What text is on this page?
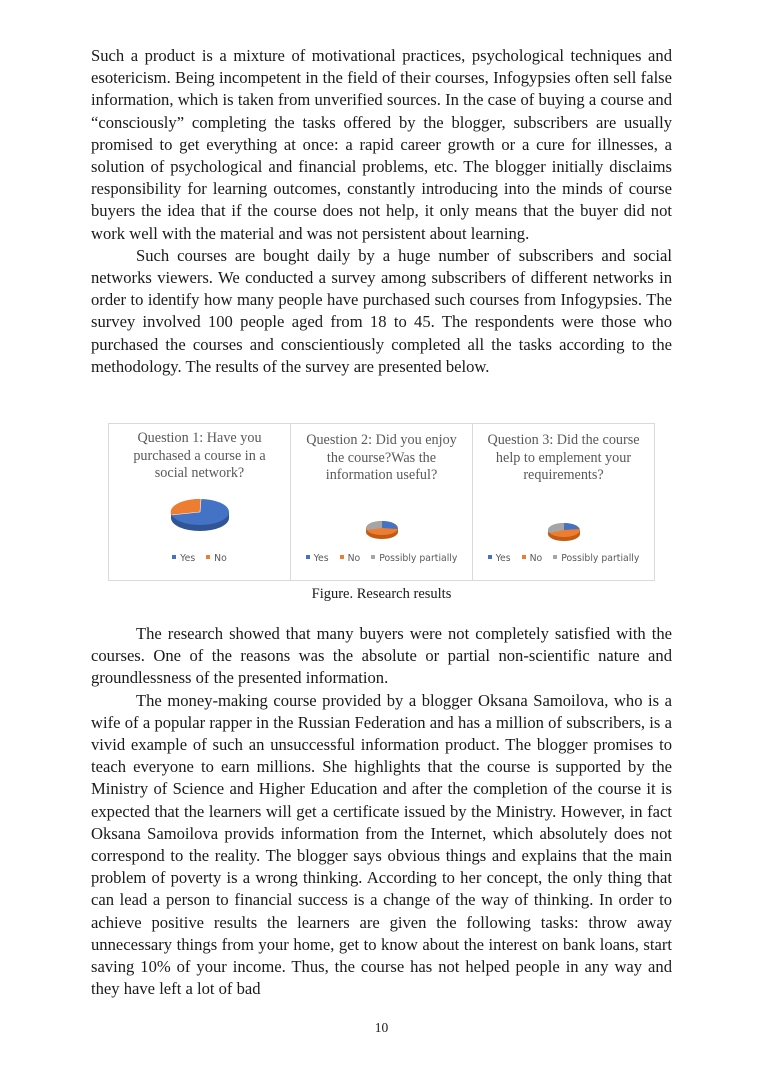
Such a product is a mixture of motivational practices, psychological techniques and esotericism. Being incompetent in the field of their courses, Infogypsies often sell false information, which is taken from unverified sources. In the case of buying a course and “consciously” completing the tasks offered by the blogger, subscribers are usually promised to get everything at once: a rapid career growth or a cure for illnesses, a solution of psychological and financial problems, etc. The blogger initially disclaims responsibility for learning outcomes, constantly introducing into the minds of course buyers the idea that if the course does not help, it only means that the buyer did not work well with the material and was not persistent about learning.

Such courses are bought daily by a huge number of subscribers and social networks viewers. We conducted a survey among subscribers of different networks in order to identify how many people have purchased such courses from Infogypsies. The survey involved 100 people aged from 18 to 45. The respondents were those who purchased the courses and conscientiously completed all the tasks according to the methodology. The results of the survey are presented below.

Question 1: Have you purchased a course in a social network?
Yes No
Question 2: Did you enjoy the course?Was the information useful?
Yes No Possibly partially
Question 3: Did the course help to emplement your requirements?
Yes No Possibly partially
Figure. Research results

The research showed that many buyers were not completely satisfied with the courses. One of the reasons was the absolute or partial non-scientific nature and groundlessness of the presented information.

The money-making course provided by a blogger Oksana Samoilova, who is a wife of a popular rapper in the Russian Federation and has a million of subscribers, is a vivid example of such an unsuccessful information product. The blogger promises to teach everyone to earn millions. She highlights that the course is supported by the Ministry of Science and Higher Education and after the completion of the course it is expected that the learners will get a certificate issued by the Ministry. However, in fact Oksana Samoilova provids information from the Internet, which absolutely does not correspond to the reality. The blogger says obvious things and explains that the main problem of poverty is a wrong thinking. According to her concept, the only thing that can lead a person to financial success is a change of the way of thinking. In order to achieve positive results the learners are given the following tasks: throw away unnecessary things from your home, get to know about the interest on bank loans, start saving 10% of your income. Thus, the course has not helped people in any way and they have left a lot of bad

10
